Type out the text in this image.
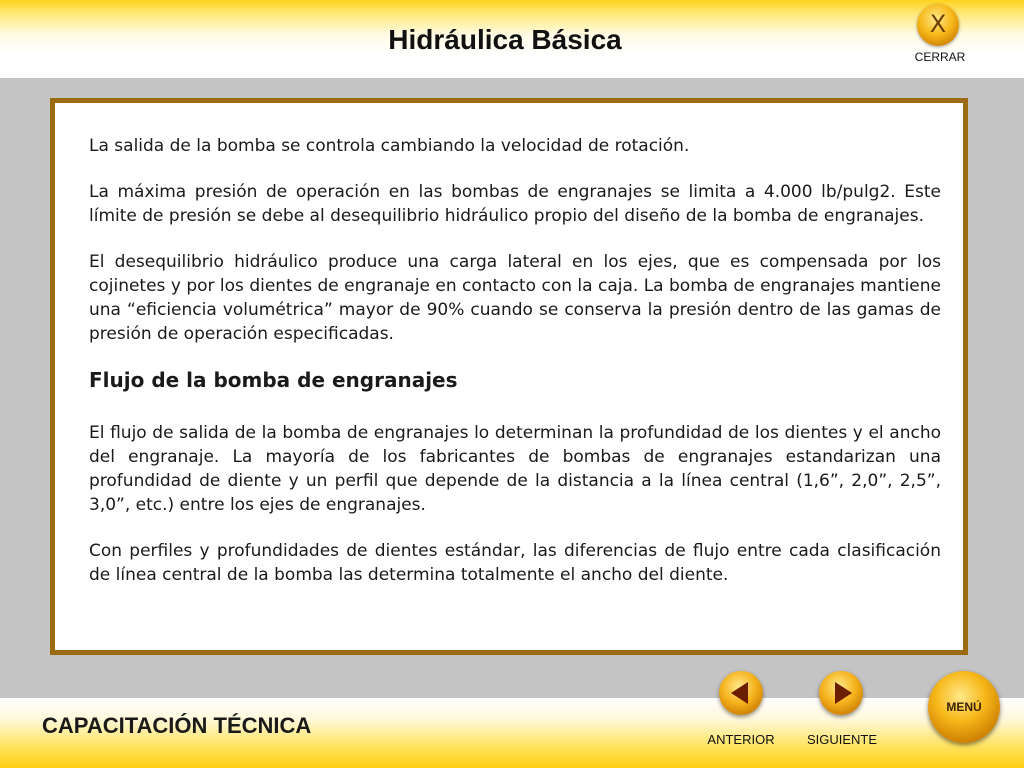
Hidráulica Básica	X
CERRAR

La salida de la bomba se controla cambiando la velocidad de rotación.

La máxima presión de operación en las bombas de engranajes se limita a 4.000 lb/pulg2. Este límite de presión se debe al desequilibrio hidráulico propio del diseño de la bomba de engranajes.

El desequilibrio hidráulico produce una carga lateral en los ejes, que es compensada por los cojinetes y por los dientes de engranaje en contacto con la caja. La bomba de engranajes mantiene una “eficiencia volumétrica” mayor de 90% cuando se conserva la presión dentro de las gamas de presión de operación especificadas.

Flujo de la bomba de engranajes

El flujo de salida de la bomba de engranajes lo determinan la profundidad de los dientes y el ancho del engranaje. La mayoría de los fabricantes de bombas de engranajes estandarizan una profundidad de diente y un perfil que depende de la distancia a la línea central (1,6”, 2,0”, 2,5”, 3,0”, etc.) entre los ejes de engranajes.

Con perfiles y profundidades de dientes estándar, las diferencias de flujo entre cada clasificación de línea central de la bomba las determina totalmente el ancho del diente.

CAPACITACIÓN TÉCNICA
ANTERIOR	SIGUIENTE
MENÚ
